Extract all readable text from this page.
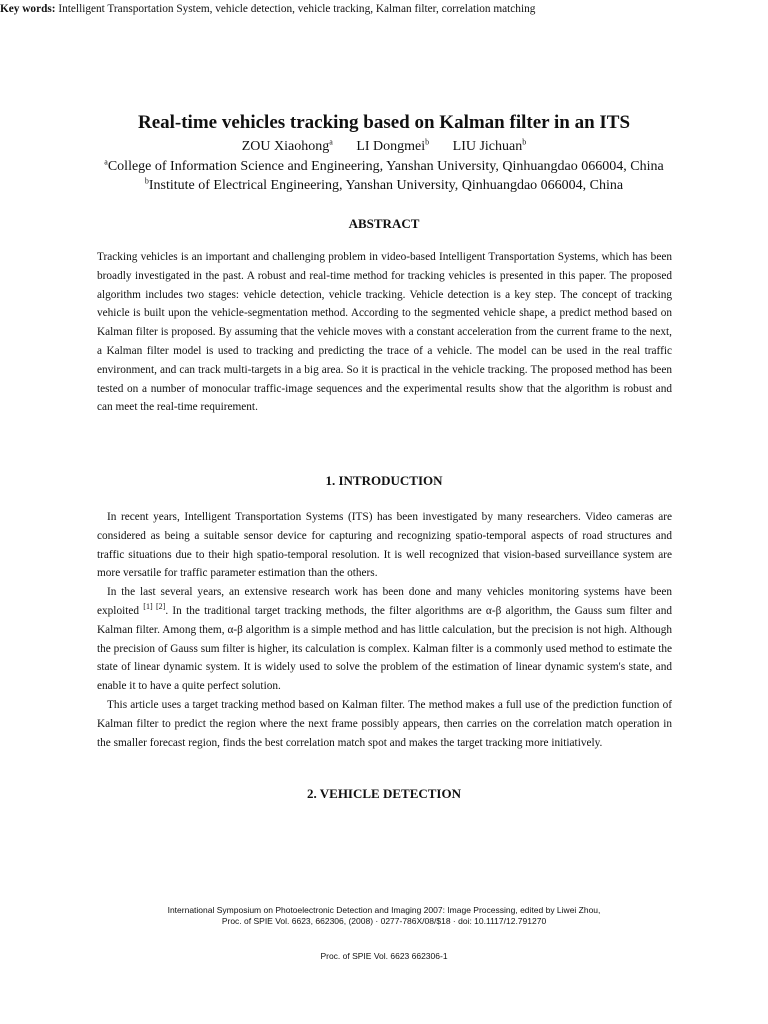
Real-time vehicles tracking based on Kalman filter in an ITS
ZOU Xiaohong$^a$ LI Dongmei$^b$ LIU Jichuan$^b$
$^a$College of Information Science and Engineering, Yanshan University, Qinhuangdao 066004, China
$^b$Institute of Electrical Engineering, Yanshan University, Qinhuangdao 066004, China
ABSTRACT
Tracking vehicles is an important and challenging problem in video-based Intelligent Transportation Systems, which has been broadly investigated in the past. A robust and real-time method for tracking vehicles is presented in this paper. The proposed algorithm includes two stages: vehicle detection, vehicle tracking. Vehicle detection is a key step. The concept of tracking vehicle is built upon the vehicle-segmentation method. According to the segmented vehicle shape, a predict method based on Kalman filter is proposed. By assuming that the vehicle moves with a constant acceleration from the current frame to the next, a Kalman filter model is used to tracking and predicting the trace of a vehicle. The model can be used in the real traffic environment, and can track multi-targets in a big area. So it is practical in the vehicle tracking. The proposed method has been tested on a number of monocular traffic-image sequences and the experimental results show that the algorithm is robust and can meet the real-time requirement.
Key words: Intelligent Transportation System, vehicle detection, vehicle tracking, Kalman filter, correlation matching
1. INTRODUCTION

In recent years, Intelligent Transportation Systems (ITS) has been investigated by many researchers. Video cameras are considered as being a suitable sensor device for capturing and recognizing spatio-temporal aspects of road structures and traffic situations due to their high spatio-temporal resolution. It is well recognized that vision-based surveillance system are more versatile for traffic parameter estimation than the others.

In the last several years, an extensive research work has been done and many vehicles monitoring systems have been exploited [1] [2]. In the traditional target tracking methods, the filter algorithms are α-β algorithm, the Gauss sum filter and Kalman filter. Among them, α-β algorithm is a simple method and has little calculation, but the precision is not high. Although the precision of Gauss sum filter is higher, its calculation is complex. Kalman filter is a commonly used method to estimate the state of linear dynamic system. It is widely used to solve the problem of the estimation of linear dynamic system's state, and enable it to have a quite perfect solution.

This article uses a target tracking method based on Kalman filter. The method makes a full use of the prediction function of Kalman filter to predict the region where the next frame possibly appears, then carries on the correlation match operation in the smaller forecast region, finds the best correlation match spot and makes the target tracking more initiatively.

2. VEHICLE DETECTION
International Symposium on Photoelectronic Detection and Imaging 2007: Image Processing, edited by Liwei Zhou,
Proc. of SPIE Vol. 6623, 662306, (2008) · 0277-786X/08/$18 · doi: 10.1117/12.791270
Proc. of SPIE Vol. 6623 662306-1
